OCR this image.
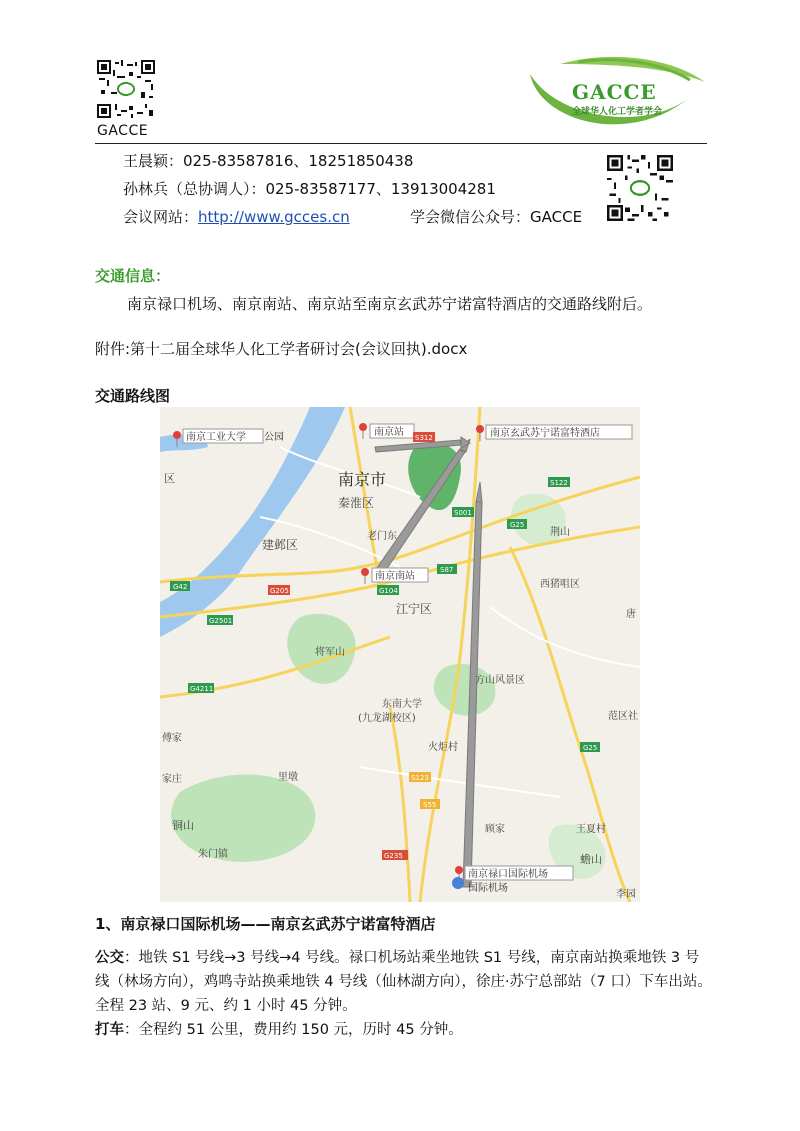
GACCE
GACCE
全球华人化工学者学会
王晨颖：025-83587816、18251850438
孙林兵（总协调人）：025-83587177、13913004281
会议网站：http://www.gcces.cn	学会微信公众号：GACCE
交通信息：
南京禄口机场、南京南站、南京站至南京玄武苏宁诺富特酒店的交通路线附后。
附件:第十二届全球华人化工学者研讨会(会议回执).docx
交通路线图
南京工业大学 公园	南京站	南京玄武苏宁诺富特酒店
南京南站
南京禄口国际机场
国际机场
区	南京市
秦淮区
建邺区
老门东
江宁区
将军山
方山风景区
东南大学
(九龙湖校区)
荆山
西猪咀区
唐
范区社
火炬村
傅家
家庄	里墩
铜山
朱门镇
顾家	王夏村
蟾山
李园
S312
S122
G25
S001
S87
G104
G42	G205
G2501
G4211
G25
S123
S55
G235
1、南京禄口国际机场——南京玄武苏宁诺富特酒店
公交：地铁 S1 号线→3 号线→4 号线。禄口机场站乘坐地铁 S1 号线，南京南站换乘地铁 3 号
线（林场方向），鸡鸣寺站换乘地铁 4 号线（仙林湖方向），徐庄·苏宁总部站（7 口）下车出站。
全程 23 站、9 元、约 1 小时 45 分钟。
打车：全程约 51 公里，费用约 150 元，历时 45 分钟。
